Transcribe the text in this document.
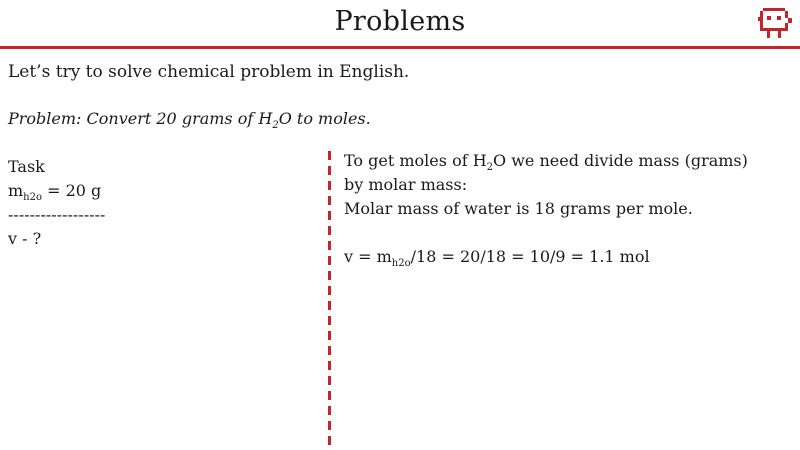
Problems
Let’s try to solve chemical problem in English.
Problem: Convert 20 grams of $H_2O$ to moles.
Task
$m_{h2o} = 20$ g
------------------
v - ?
To get moles of $H_2O$ we need divide mass (grams)
by molar mass:
Molar mass of water is 18 grams per mole.
$v = m_{h2o}/18 = 20/18 = 10/9 = 1.1$ mol
